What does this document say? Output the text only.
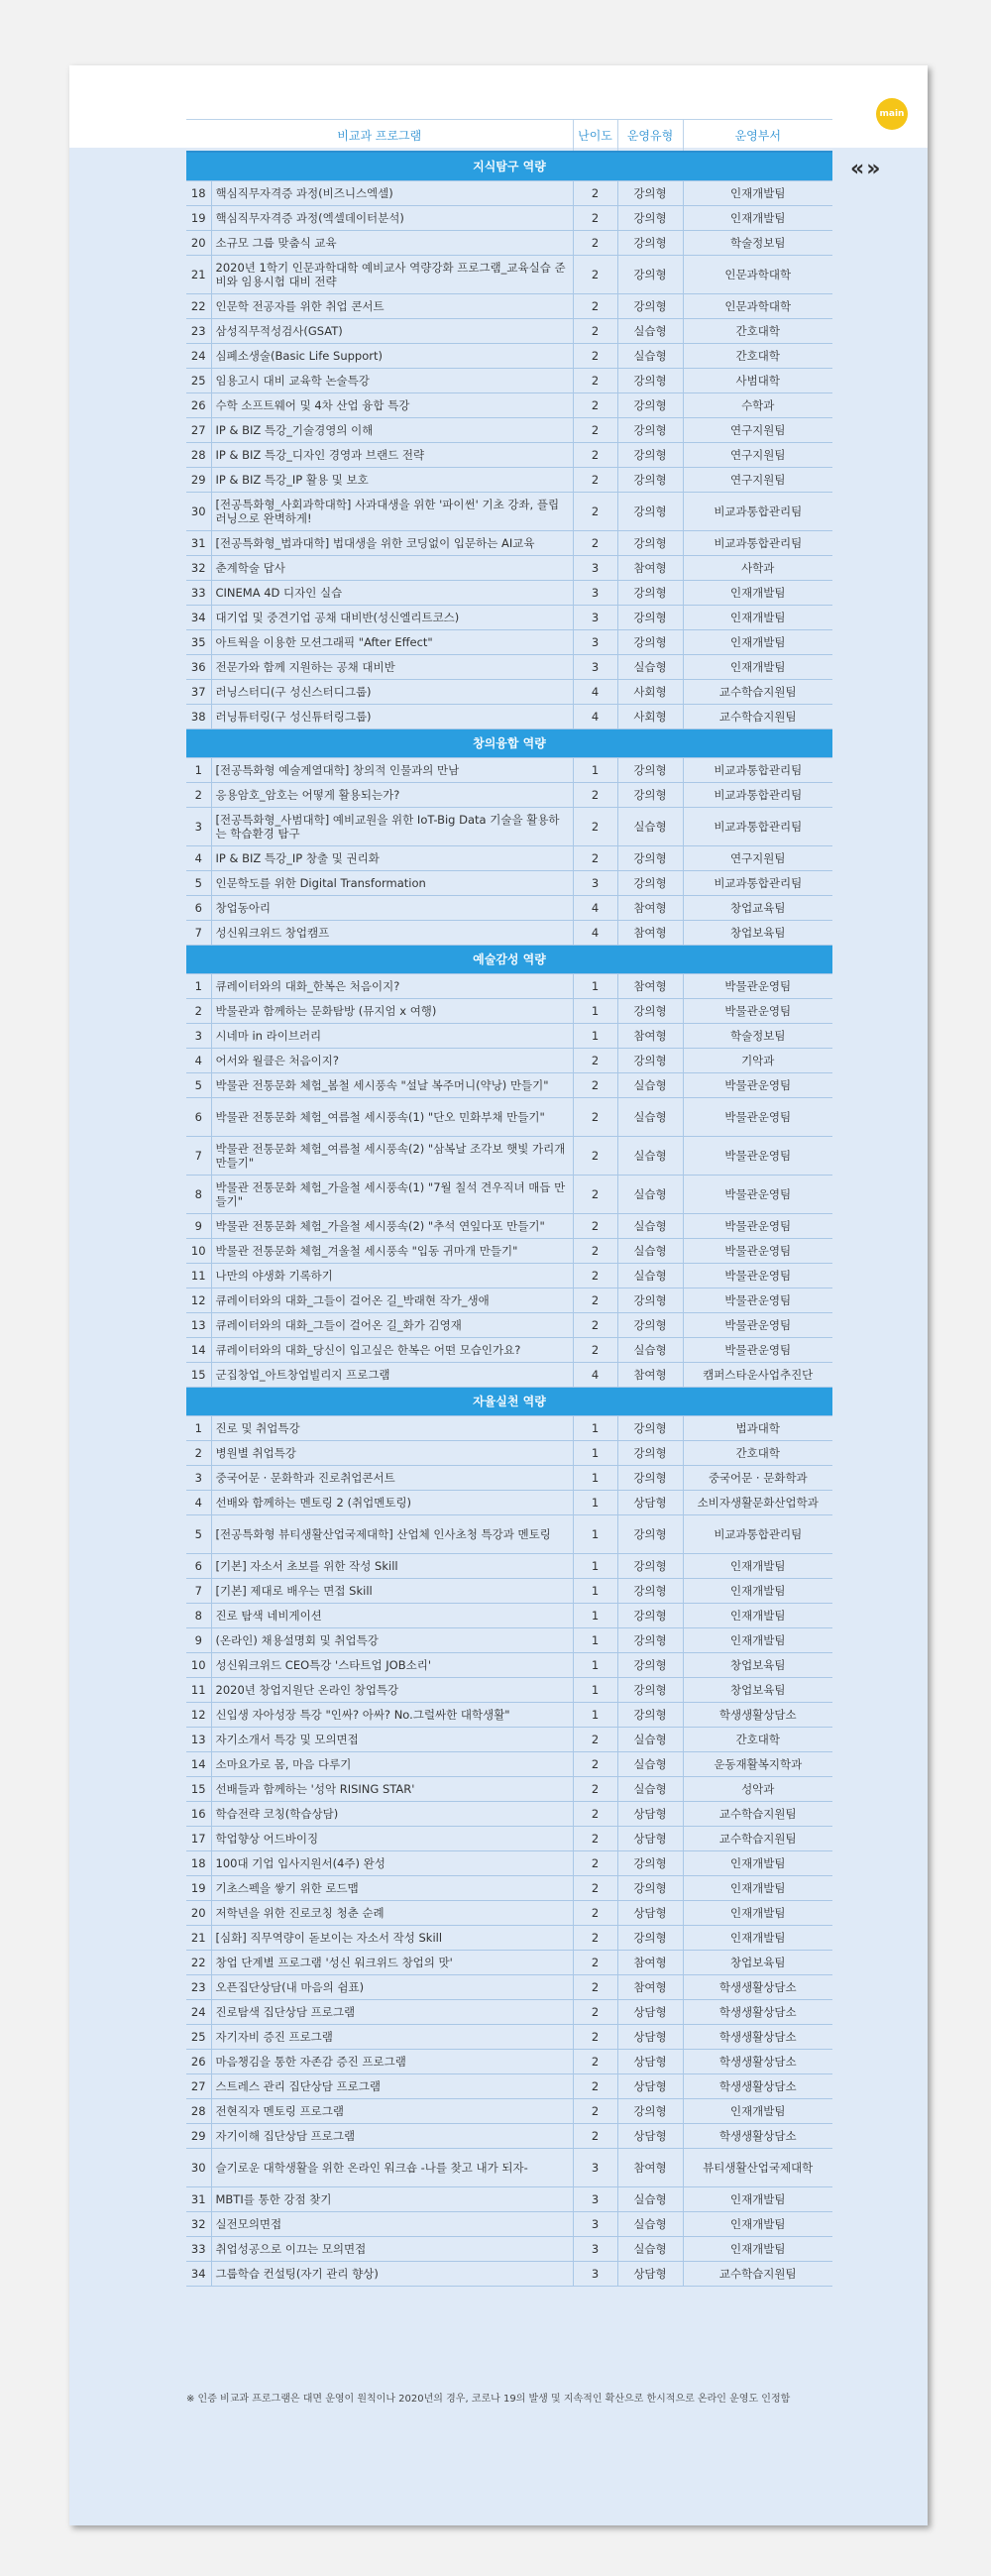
main
« »
비교과 프로그램		난이도	운영유형	운영부서
지식탐구 역량				
18	핵심직무자격증 과정(비즈니스엑셀)	2	강의형	인재개발팀
19	핵심직무자격증 과정(엑셀데이터분석)	2	강의형	인재개발팀
20	소규모 그룹 맞춤식 교육	2	강의형	학술정보팀
21	2020년 1학기 인문과학대학 예비교사 역량강화 프로그램_교육실습 준비와 임용시험 대비 전략	2	강의형	인문과학대학
22	인문학 전공자를 위한 취업 콘서트	2	강의형	인문과학대학
23	삼성직무적성검사(GSAT)	2	실습형	간호대학
24	심폐소생술(Basic Life Support)	2	실습형	간호대학
25	임용고시 대비 교육학 논술특강	2	강의형	사범대학
26	수학 소프트웨어 및 4차 산업 융합 특강	2	강의형	수학과
27	IP & BIZ 특강_기술경영의 이해	2	강의형	연구지원팀
28	IP & BIZ 특강_디자인 경영과 브랜드 전략	2	강의형	연구지원팀
29	IP & BIZ 특강_IP 활용 및 보호	2	강의형	연구지원팀
30	[전공특화형_사회과학대학] 사과대생을 위한 '파이썬' 기초 강좌, 플립 러닝으로 완벽하게!	2	강의형	비교과통합관리팀
31	[전공특화형_법과대학] 법대생을 위한 코딩없이 입문하는 AI교육	2	강의형	비교과통합관리팀
32	춘계학술 답사	3	참여형	사학과
33	CINEMA 4D 디자인 실습	3	강의형	인재개발팀
34	대기업 및 중견기업 공채 대비반(성신엘리트코스)	3	강의형	인재개발팀
35	아트웍을 이용한 모션그래픽 "After Effect"	3	강의형	인재개발팀
36	전문가와 함께 지원하는 공채 대비반	3	실습형	인재개발팀
37	러닝스터디(구 성신스터디그룹)	4	사회형	교수학습지원팀
38	러닝튜터링(구 성신튜터링그룹)	4	사회형	교수학습지원팀
창의융합 역량				
1	[전공특화형 예술계열대학] 창의적 인물과의 만남	1	강의형	비교과통합관리팀
2	응용암호_암호는 어떻게 활용되는가?	2	강의형	비교과통합관리팀
3	[전공특화형_사범대학] 예비교원을 위한 IoT-Big Data 기술을 활용하는 학습환경 탐구	2	실습형	비교과통합관리팀
4	IP & BIZ 특강_IP 창출 및 권리화	2	강의형	연구지원팀
5	인문학도를 위한 Digital Transformation	3	강의형	비교과통합관리팀
6	창업동아리	4	참여형	창업교육팀
7	성신워크위드 창업캠프	4	참여형	창업보육팀
예술감성 역량				
1	큐레이터와의 대화_한복은 처음이지?	1	참여형	박물관운영팀
2	박물관과 함께하는 문화탐방 (뮤지엄 x 여행)	1	강의형	박물관운영팀
3	시네마 in 라이브러리	1	참여형	학술정보팀
4	어서와 월클은 처음이지?	2	강의형	기악과
5	박물관 전통문화 체험_봄철 세시풍속 "설날 복주머니(약낭) 만들기"	2	실습형	박물관운영팀
6	박물관 전통문화 체험_여름철 세시풍속(1) "단오 민화부채 만들기"	2	실습형	박물관운영팀
7	박물관 전통문화 체험_여름철 세시풍속(2) "삼복날 조각보 햇빛 가리개 만들기"	2	실습형	박물관운영팀
8	박물관 전통문화 체험_가을철 세시풍속(1) "7월 칠석 견우직녀 매듭 만들기"	2	실습형	박물관운영팀
9	박물관 전통문화 체험_가을철 세시풍속(2) "추석 연잎다포 만들기"	2	실습형	박물관운영팀
10	박물관 전통문화 체험_겨울철 세시풍속 "입동 귀마개 만들기"	2	실습형	박물관운영팀
11	나만의 야생화 기록하기	2	실습형	박물관운영팀
12	큐레이터와의 대화_그들이 걸어온 길_박래현 작가_생애	2	강의형	박물관운영팀
13	큐레이터와의 대화_그들이 걸어온 길_화가 김영재	2	강의형	박물관운영팀
14	큐레이터와의 대화_당신이 입고싶은 한복은 어떤 모습인가요?	2	실습형	박물관운영팀
15	군집창업_아트창업빌리지 프로그램	4	참여형	캠퍼스타운사업추진단
자율실천 역량				
1	진로 및 취업특강	1	강의형	법과대학
2	병원별 취업특강	1	강의형	간호대학
3	중국어문 · 문화학과 진로취업콘서트	1	강의형	중국어문 · 문화학과
4	선배와 함께하는 멘토링 2 (취업멘토링)	1	상담형	소비자생활문화산업학과
5	[전공특화형 뷰티생활산업국제대학] 산업체 인사초청 특강과 멘토링	1	강의형	비교과통합관리팀
6	[기본] 자소서 초보를 위한 작성 Skill	1	강의형	인재개발팀
7	[기본] 제대로 배우는 면접 Skill	1	강의형	인재개발팀
8	진로 탐색 네비게이션	1	강의형	인재개발팀
9	(온라인) 채용설명회 및 취업특강	1	강의형	인재개발팀
10	성신워크위드 CEO특강 '스타트업 JOB소리'	1	강의형	창업보육팀
11	2020년 창업지원단 온라인 창업특강	1	강의형	창업보육팀
12	신입생 자아성장 특강 "인싸? 아싸? No.그럴싸한 대학생활"	1	강의형	학생생활상담소
13	자기소개서 특강 및 모의면접	2	실습형	간호대학
14	소마요가로 몸, 마음 다루기	2	실습형	운동재활복지학과
15	선배들과 함께하는 '성악 RISING STAR'	2	실습형	성악과
16	학습전략 코칭(학습상담)	2	상담형	교수학습지원팀
17	학업향상 어드바이징	2	상담형	교수학습지원팀
18	100대 기업 입사지원서(4주) 완성	2	강의형	인재개발팀
19	기초스펙을 쌓기 위한 로드맵	2	강의형	인재개발팀
20	저학년을 위한 진로코칭 청춘 순례	2	상담형	인재개발팀
21	[심화] 직무역량이 돋보이는 자소서 작성 Skill	2	강의형	인재개발팀
22	창업 단계별 프로그램 '성신 워크위드 창업의 맛'	2	참여형	창업보육팀
23	오픈집단상담(내 마음의 쉼표)	2	참여형	학생생활상담소
24	진로탐색 집단상담 프로그램	2	상담형	학생생활상담소
25	자기자비 증진 프로그램	2	상담형	학생생활상담소
26	마음챙김을 통한 자존감 증진 프로그램	2	상담형	학생생활상담소
27	스트레스 관리 집단상담 프로그램	2	상담형	학생생활상담소
28	전현직자 멘토링 프로그램	2	강의형	인재개발팀
29	자기이해 집단상담 프로그램	2	상담형	학생생활상담소
30	슬기로운 대학생활을 위한 온라인 워크숍 -나를 찾고 내가 되자-	3	참여형	뷰티생활산업국제대학
31	MBTI를 통한 강점 찾기	3	실습형	인재개발팀
32	실전모의면접	3	실습형	인재개발팀
33	취업성공으로 이끄는 모의면접	3	실습형	인재개발팀
34	그룹학습 컨설팅(자기 관리 향상)	3	상담형	교수학습지원팀
※ 인증 비교과 프로그램은 대면 운영이 원칙이나 2020년의 경우, 코로나 19의 발생 및 지속적인 확산으로 한시적으로 온라인 운영도 인정함
